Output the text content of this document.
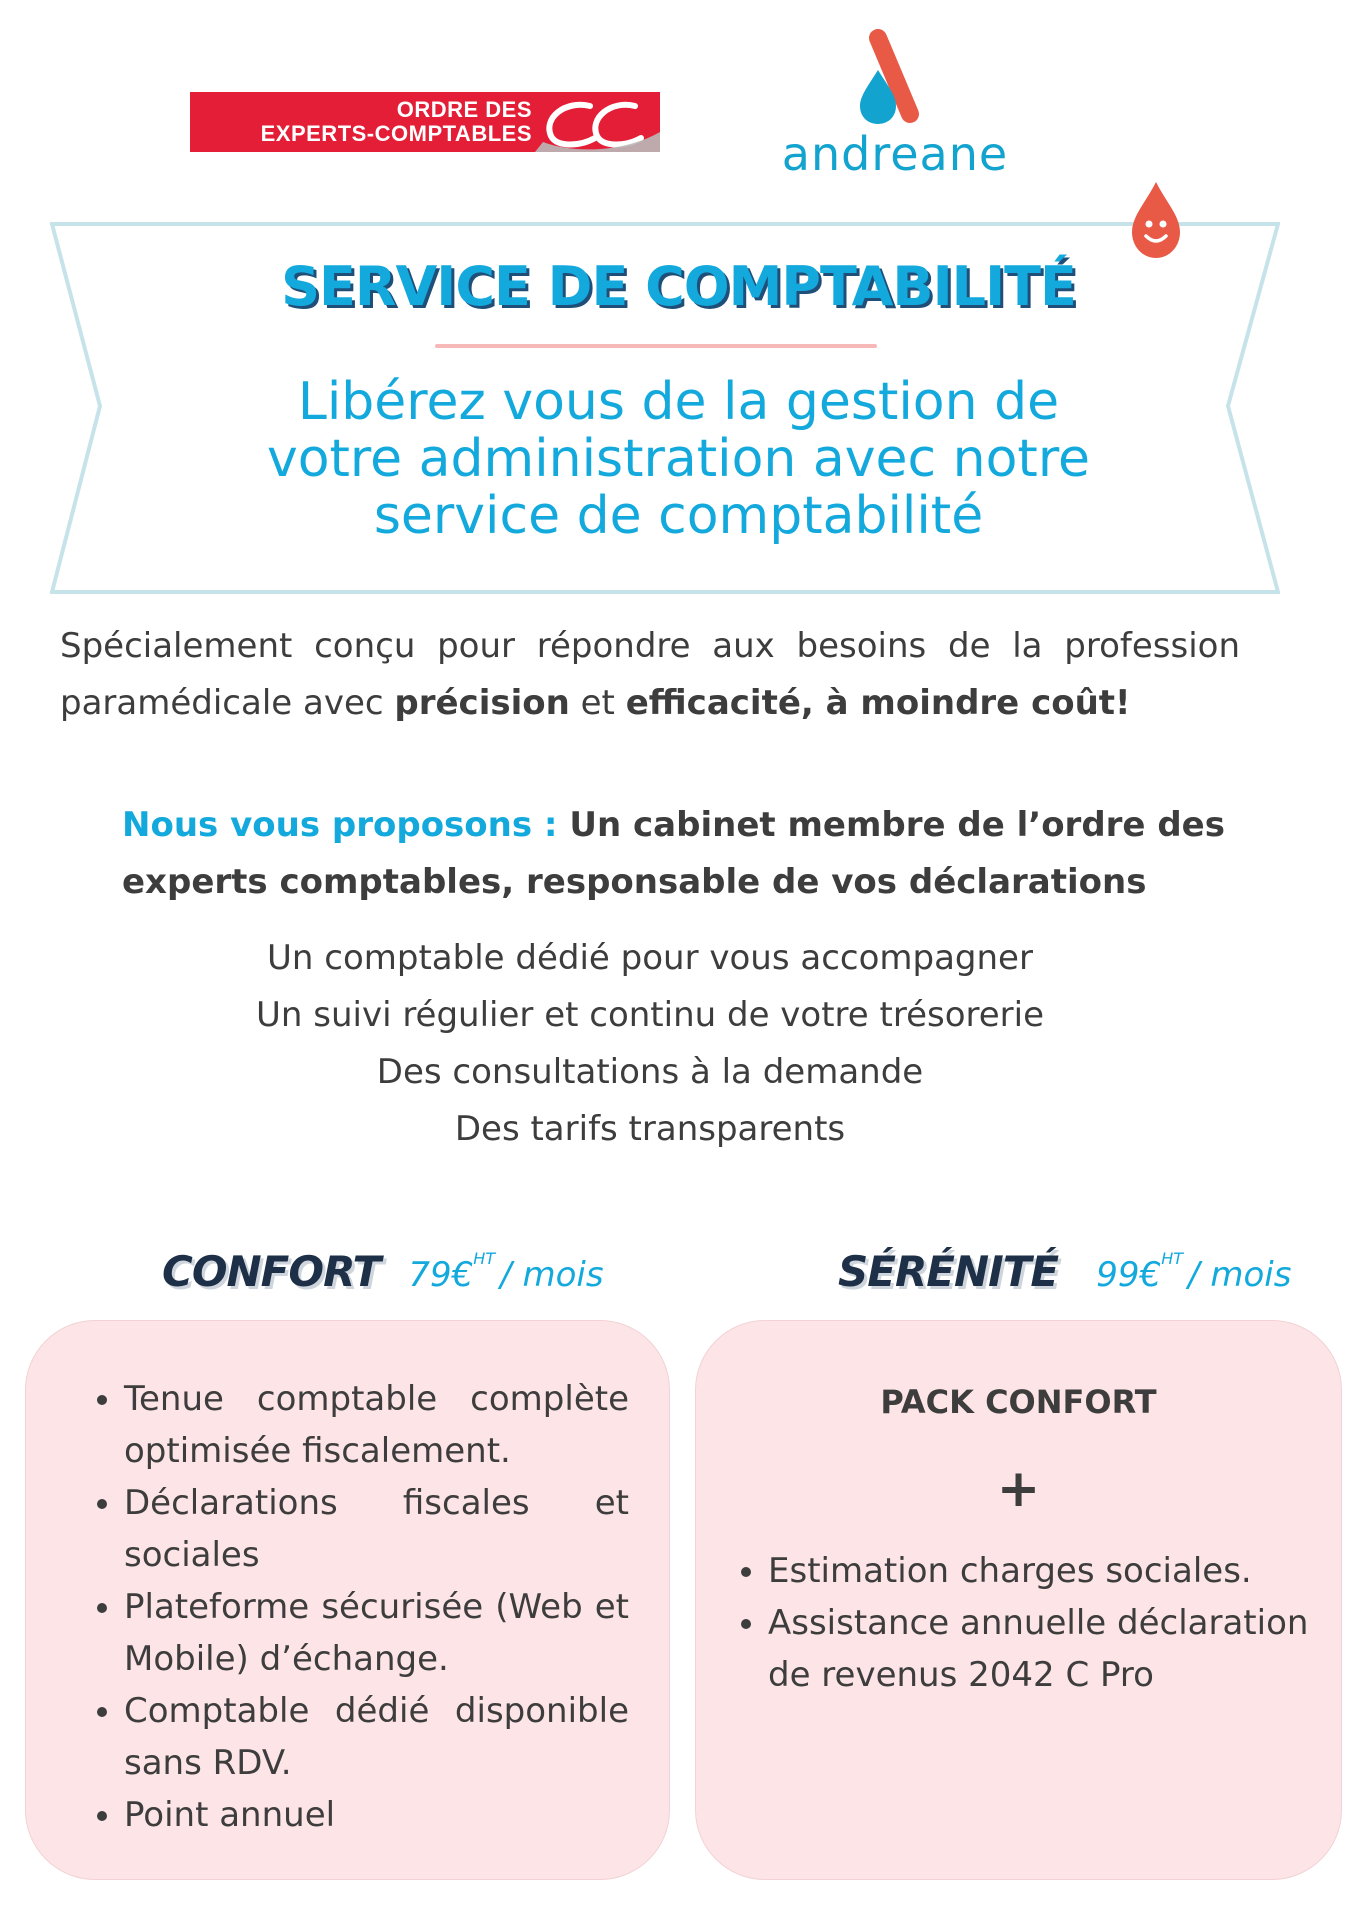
ORDRE DES
EXPERTS-COMPTABLES	andreane
SERVICE DE COMPTABILITÉ
Libérez vous de la gestion de
votre administration avec notre
service de comptabilité
Spécialement conçu pour répondre aux besoins de la profession paramédicale avec précision et efficacité, à moindre coût!
Nous vous proposons : Un cabinet membre de l’ordre des experts comptables, responsable de vos déclarations
Un comptable dédié pour vous accompagner
Un suivi régulier et continu de votre trésorerie
Des consultations à la demande
Des tarifs transparents
CONFORT 79€HT / mois	SÉRÉNITÉ 99€HT / mois
• Tenue comptable complète optimisée fiscalement.
• Déclarations fiscales et sociales
• Plateforme sécurisée (Web et Mobile) d’échange.
• Comptable dédié disponible sans RDV.
• Point annuel
PACK CONFORT
+
• Estimation charges sociales.
• Assistance annuelle déclaration de revenus 2042 C Pro
